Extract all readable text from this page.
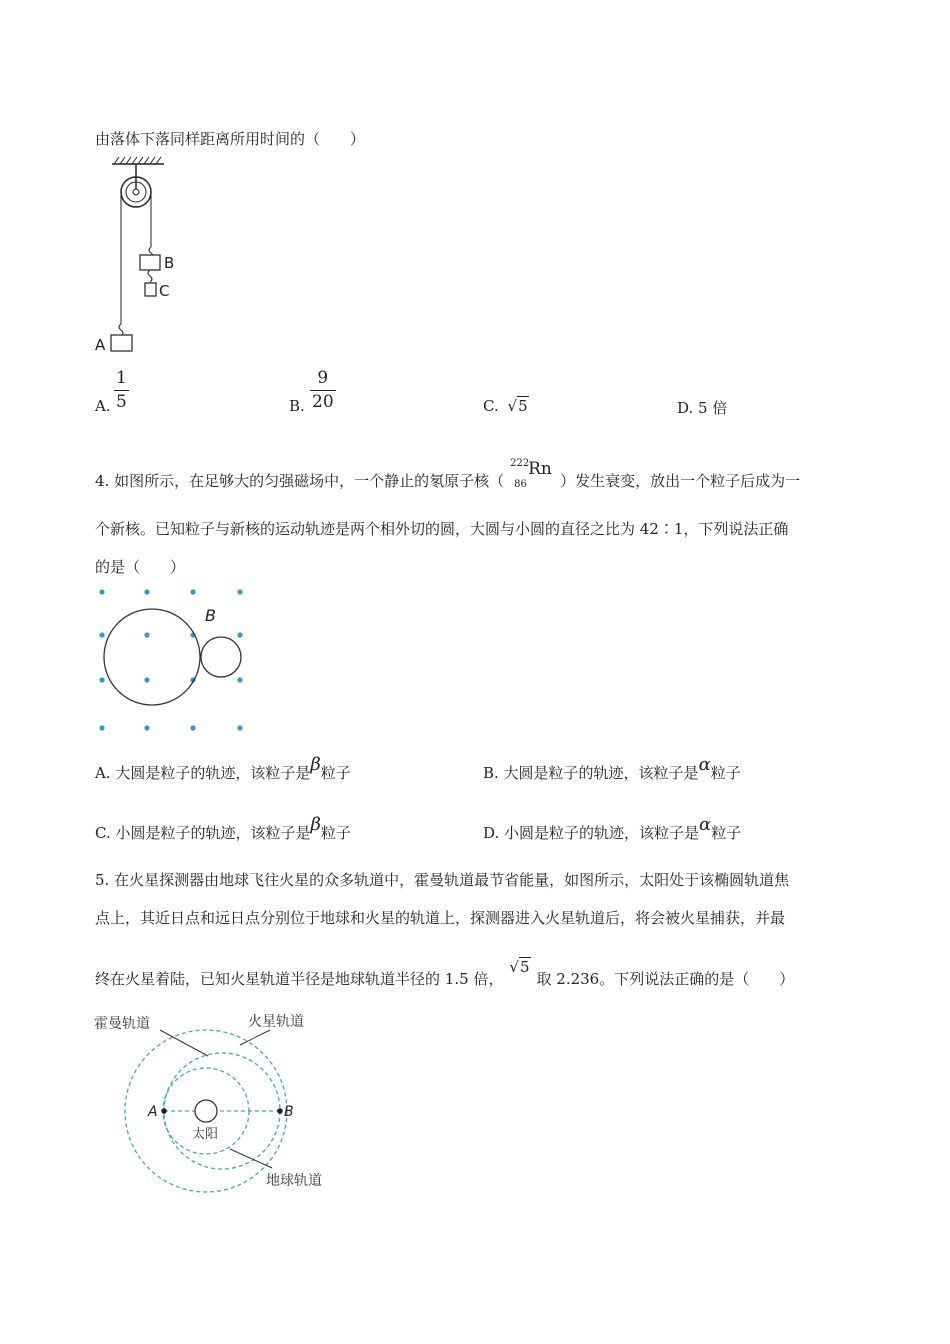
由落体下落同样距离所用时间的（　　）
B
C
A
A. $\frac{1}{5}$	B. $\frac{9}{20}$	C. √5	D. 5 倍
4. 如图所示，在足够大的匀强磁场中，一个静止的氡原子核（
222
86
Rn
）发生衰变，放出一个粒子后成为一
个新核。已知粒子与新核的运动轨迹是两个相外切的圆，大圆与小圆的直径之比为 42∶1，下列说法正确
的是（　　）
B
A. 大圆是粒子的轨迹，该粒子是β粒子	B. 大圆是粒子的轨迹，该粒子是α粒子
C. 小圆是粒子的轨迹，该粒子是β粒子	D. 小圆是粒子的轨迹，该粒子是α粒子
5. 在火星探测器由地球飞往火星的众多轨道中，霍曼轨道最节省能量，如图所示，太阳处于该椭圆轨道焦
点上，其近日点和远日点分别位于地球和火星的轨道上，探测器进入火星轨道后，将会被火星捕获，并最
终在火星着陆，已知火星轨道半径是地球轨道半径的 1.5 倍，√5取 2.236。下列说法正确的是（　　）
A	B
太阳
霍曼轨道	火星轨道
地球轨道
